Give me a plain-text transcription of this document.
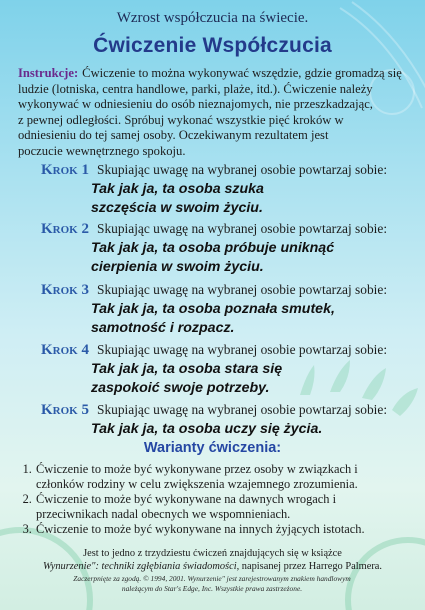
Wzrost współczucia na świecie.
Ćwiczenie Współczucia
Instrukcje: Ćwiczenie to można wykonywać wszędzie, gdzie gromadzą się
ludzie (lotniska, centra handlowe, parki, plaże, itd.). Ćwiczenie należy
wykonywać w odniesieniu do osób nieznajomych, nie przeszkadzając,
z pewnej odległości. Spróbuj wykonać wszystkie pięć kroków w
odniesieniu do tej samej osoby. Oczekiwanym rezultatem jest
poczucie wewnętrznego spokoju.
Krok 1 Skupiając uwagę na wybranej osobie powtarzaj sobie:
Tak jak ja, ta osoba szuka
szczęścia w swoim życiu.
Krok 2 Skupiając uwagę na wybranej osobie powtarzaj sobie:
Tak jak ja, ta osoba próbuje uniknąć
cierpienia w swoim życiu.
Krok 3 Skupiając uwagę na wybranej osobie powtarzaj sobie:
Tak jak ja, ta osoba poznała smutek,
samotność i rozpacz.
Krok 4 Skupiając uwagę na wybranej osobie powtarzaj sobie:
Tak jak ja, ta osoba stara się
zaspokoić swoje potrzeby.
Krok 5 Skupiając uwagę na wybranej osobie powtarzaj sobie:
Tak jak ja, ta osoba uczy się życia.
Warianty ćwiczenia:
1. Ćwiczenie to może być wykonywane przez osoby w związkach i
członków rodziny w celu zwiększenia wzajemnego zrozumienia.
2. Ćwiczenie to może być wykonywane na dawnych wrogach i
przeciwnikach nadal obecnych we wspomnieniach.
3. Ćwiczenie to może być wykonywane na innych żyjących istotach.
Jest to jedno z trzydziestu ćwiczeń znajdujących się w książce
Wynurzenie": techniki zgłębiania świadomości, napisanej przez Harrego Palmera.
Zaczerpnięte za zgodą. © 1994, 2001. Wynurzenie" jest zarejestrowanym znakiem handlowym należącym do Star's Edge, Inc. Wszystkie prawa zastrzeżone.
